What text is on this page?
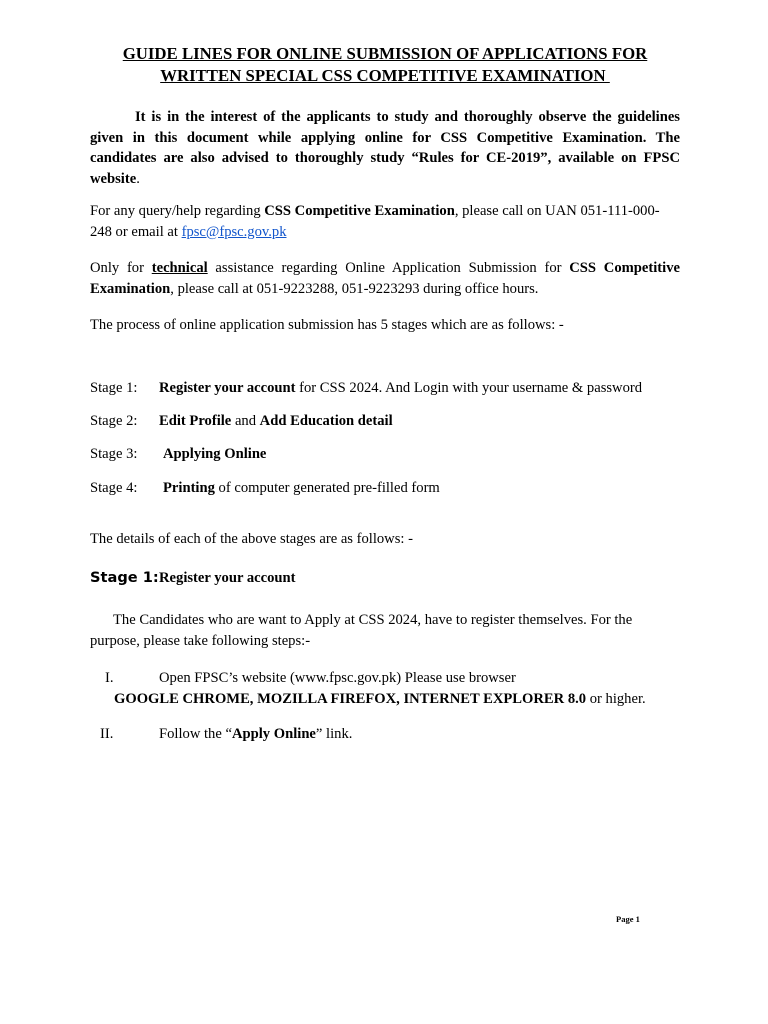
GUIDE LINES FOR ONLINE SUBMISSION OF APPLICATIONS FOR
WRITTEN SPECIAL CSS COMPETITIVE EXAMINATION
It is in the interest of the applicants to study and thoroughly observe the guidelines given in this document while applying online for CSS Competitive Examination. The candidates are also advised to thoroughly study “Rules for CE-2019”, available on FPSC website.
For any query/help regarding CSS Competitive Examination, please call on UAN 051-111-000-248 or email at fpsc@fpsc.gov.pk
Only for technical assistance regarding Online Application Submission for CSS Competitive Examination, please call at 051-9223288, 051-9223293 during office hours.
The process of online application submission has 5 stages which are as follows: -
Stage 1: Register your account for CSS 2024. And Login with your username & password
Stage 2: Edit Profile and Add Education detail
Stage 3: Applying Online
Stage 4: Printing of computer generated pre-filled form
The details of each of the above stages are as follows: -
Stage 1:Register your account
The Candidates who are want to Apply at CSS 2024, have to register themselves. For the purpose, please take following steps:-
I.	Open FPSC’s website (www.fpsc.gov.pk) Please use browser
GOOGLE CHROME, MOZILLA FIREFOX, INTERNET EXPLORER 8.0 or higher.
II.	Follow the “Apply Online” link.
Page 1
